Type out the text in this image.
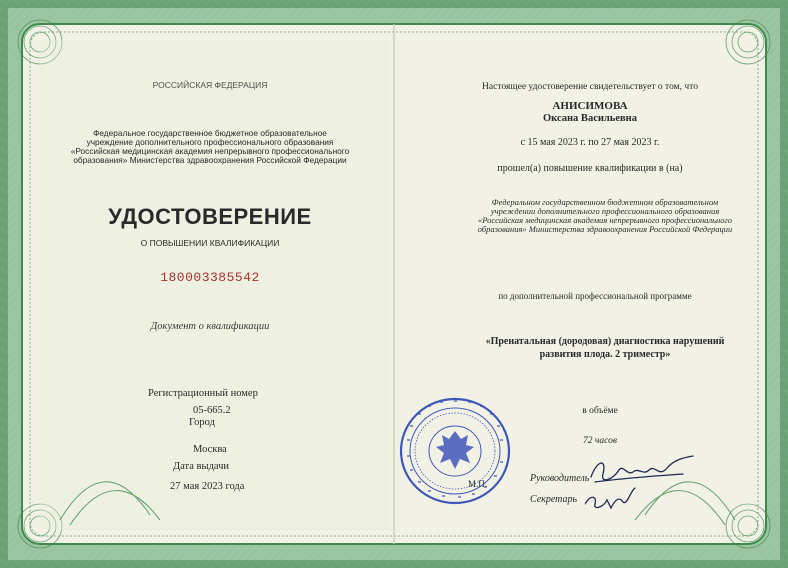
РОССИЙСКАЯ ФЕДЕРАЦИЯ

Федеральное государственное бюджетное образовательное

учреждение дополнительного профессионального образования

«Российская медицинская академия непрерывного профессионального

образования» Министерства здравоохранения Российской Федерации

УДОСТОВЕРЕНИЕ

О ПОВЫШЕНИИ КВАЛИФИКАЦИИ

180003385542

Документ о квалификации

Регистрационный номер

05-665.2

Город

Москва

Дата выдачи

27 мая 2023 года

Настоящее удостоверение свидетельствует о том, что

АНИСИМОВА

Оксана Васильевна

с 15 мая 2023 г. по 27 мая 2023 г.

прошел(а) повышение квалификации в (на)

Федеральном государственном бюджетном образовательном

учреждении дополнительного профессионального образования

«Российская медицинская академия непрерывного профессионального

образования» Министерства здравоохранения Российской Федерации

по дополнительной профессиональной программе

«Пренатальная (дородовая) диагностика нарушений

развития плода. 2 триместр»

в объёме

72 часов

Руководитель

Секретарь

М.П.
